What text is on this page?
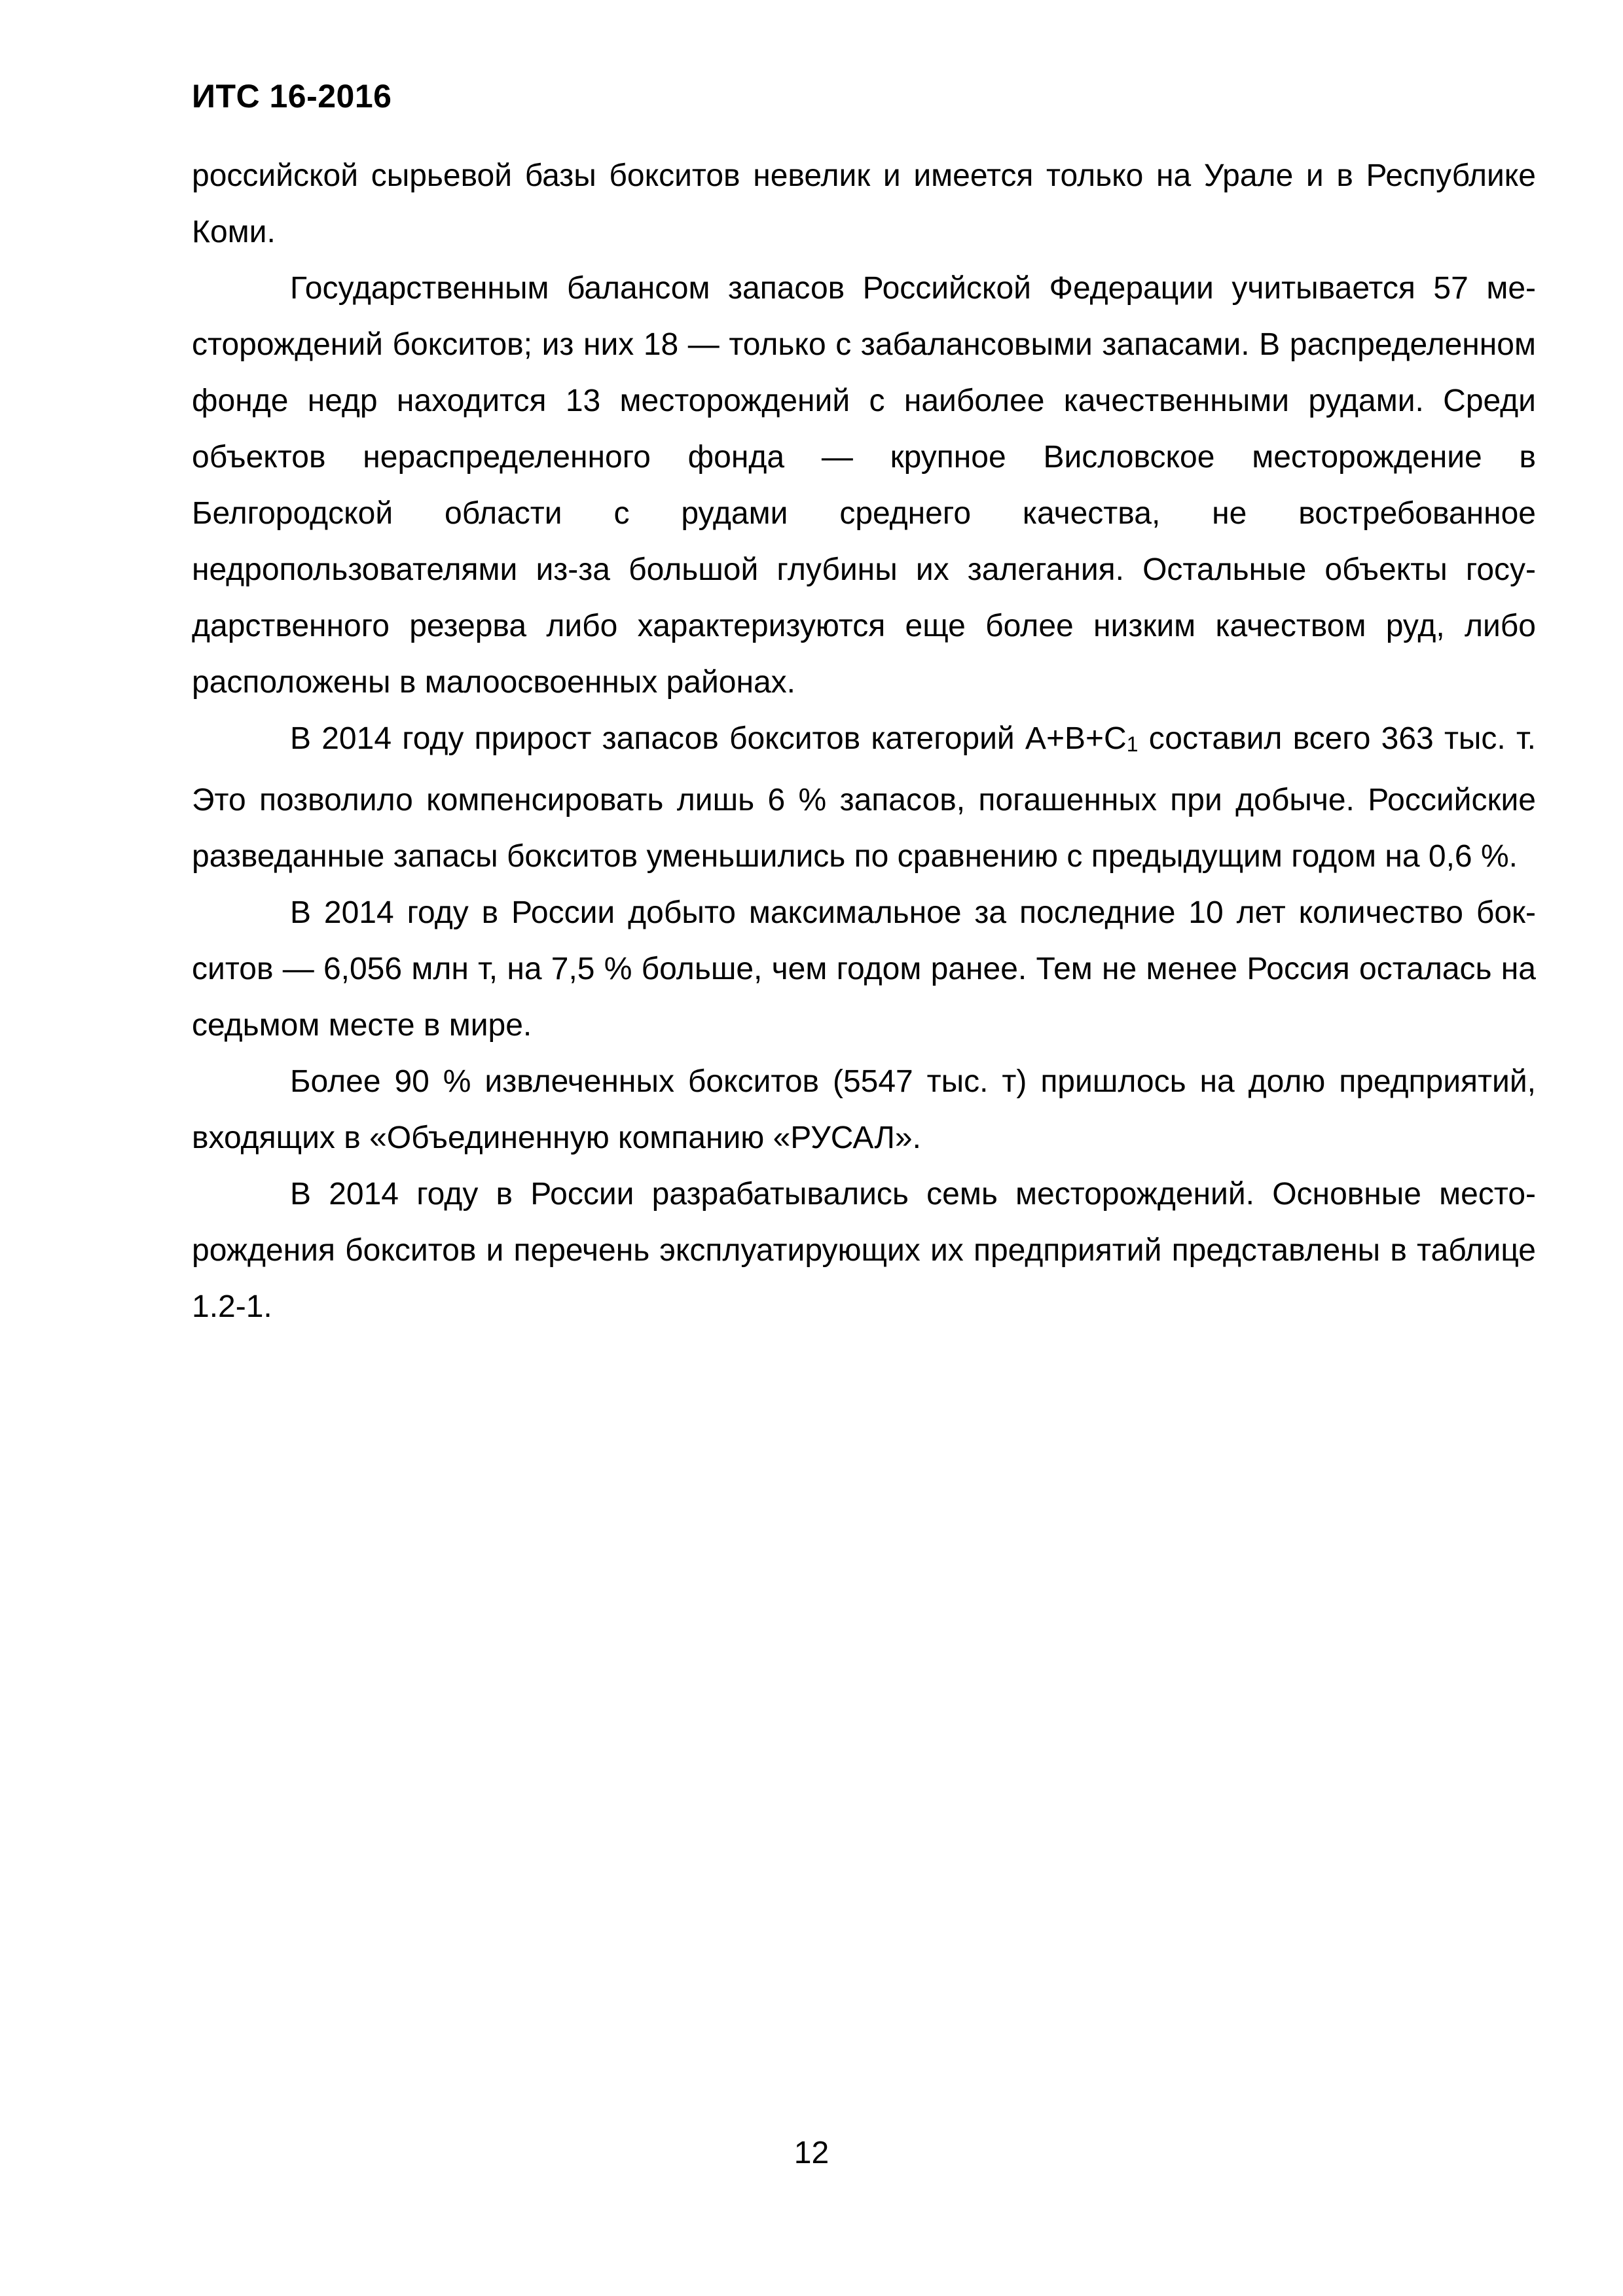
ИТС 16-2016

российской сырьевой базы бокситов невелик и имеется только на Урале и в Республике Коми.

Государственным балансом запасов Российской Федерации учитывается 57 месторождений бокситов; из них 18 — только с забалансовыми запасами. В распределенном фонде недр находится 13 месторождений с наиболее качественными рудами. Среди объектов нераспределенного фонда — крупное Висловское месторождение в Белгородской области с рудами среднего качества, не востребованное недропользователями из-за большой глубины их залегания. Остальные объекты государственного резерва либо характеризуются еще более низким качеством руд, либо расположены в малоосвоенных районах.

В 2014 году прирост запасов бокситов категорий А+В+С1 составил всего 363 тыс. т. Это позволило компенсировать лишь 6 % запасов, погашенных при добыче. Российские разведанные запасы бокситов уменьшились по сравнению с предыдущим годом на 0,6 %.

В 2014 году в России добыто максимальное за последние 10 лет количество бокситов — 6,056 млн т, на 7,5 % больше, чем годом ранее. Тем не менее Россия осталась на седьмом месте в мире.

Более 90 % извлеченных бокситов (5547 тыс. т) пришлось на долю предприятий, входящих в «Объединенную компанию «РУСАЛ».

В 2014 году в России разрабатывались семь месторождений. Основные месторождения бокситов и перечень эксплуатирующих их предприятий представлены в таблице 1.2-1.

12
